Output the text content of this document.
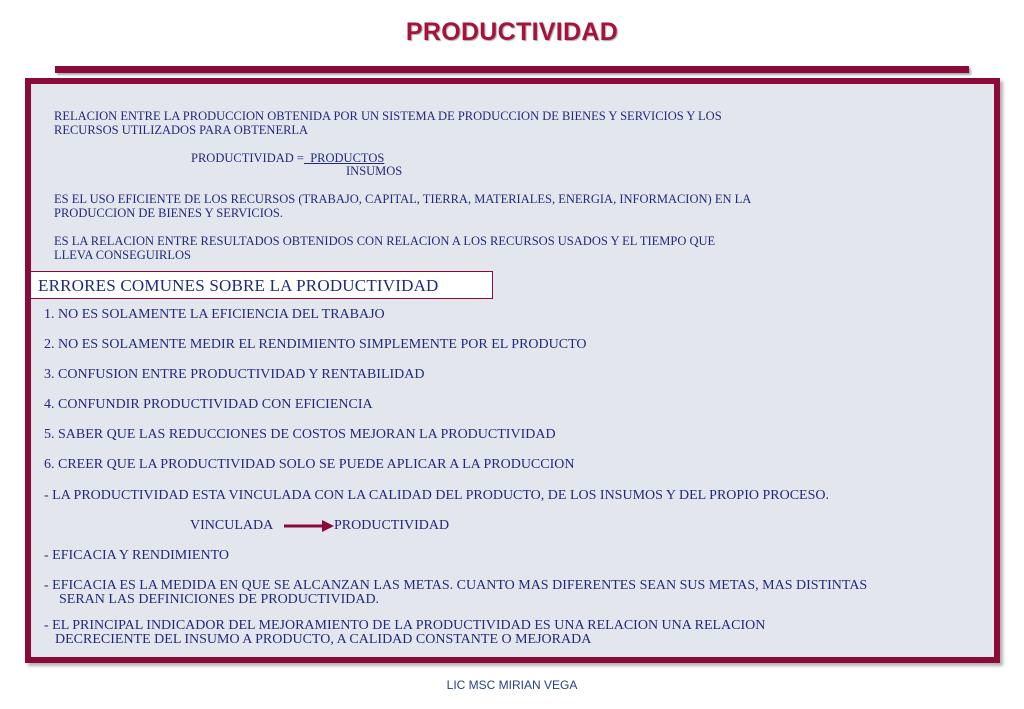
PRODUCTIVIDAD
RELACION ENTRE LA PRODUCCION OBTENIDA POR UN SISTEMA DE PRODUCCION DE BIENES Y SERVICIOS Y LOS
RECURSOS UTILIZADOS PARA OBTENERLA
PRODUCTIVIDAD =  PRODUCTOS
INSUMOS
ES EL USO EFICIENTE DE LOS RECURSOS (TRABAJO, CAPITAL, TIERRA, MATERIALES, ENERGIA, INFORMACION) EN LA
PRODUCCION DE BIENES Y SERVICIOS.
ES LA RELACION ENTRE RESULTADOS OBTENIDOS CON RELACION A LOS RECURSOS USADOS Y EL TIEMPO QUE
LLEVA CONSEGUIRLOS
ERRORES COMUNES SOBRE LA PRODUCTIVIDAD
1. NO ES SOLAMENTE LA EFICIENCIA DEL TRABAJO
2. NO ES SOLAMENTE MEDIR EL RENDIMIENTO SIMPLEMENTE POR EL PRODUCTO
3. CONFUSION ENTRE PRODUCTIVIDAD Y RENTABILIDAD
4. CONFUNDIR PRODUCTIVIDAD CON EFICIENCIA
5. SABER QUE LAS REDUCCIONES DE COSTOS MEJORAN LA PRODUCTIVIDAD
6. CREER QUE LA PRODUCTIVIDAD SOLO SE PUEDE APLICAR A LA PRODUCCION
- LA PRODUCTIVIDAD ESTA VINCULADA CON LA CALIDAD DEL PRODUCTO, DE LOS INSUMOS Y DEL PROPIO PROCESO.
VINCULADA	PRODUCTIVIDAD
- EFICACIA Y RENDIMIENTO
- EFICACIA ES LA MEDIDA EN QUE SE ALCANZAN LAS METAS. CUANTO MAS DIFERENTES SEAN SUS METAS, MAS DISTINTAS
SERAN LAS DEFINICIONES DE PRODUCTIVIDAD.
- EL PRINCIPAL INDICADOR DEL MEJORAMIENTO DE LA PRODUCTIVIDAD ES UNA RELACION UNA RELACION
DECRECIENTE DEL INSUMO A PRODUCTO, A CALIDAD CONSTANTE O MEJORADA
LIC MSC MIRIAN VEGA
